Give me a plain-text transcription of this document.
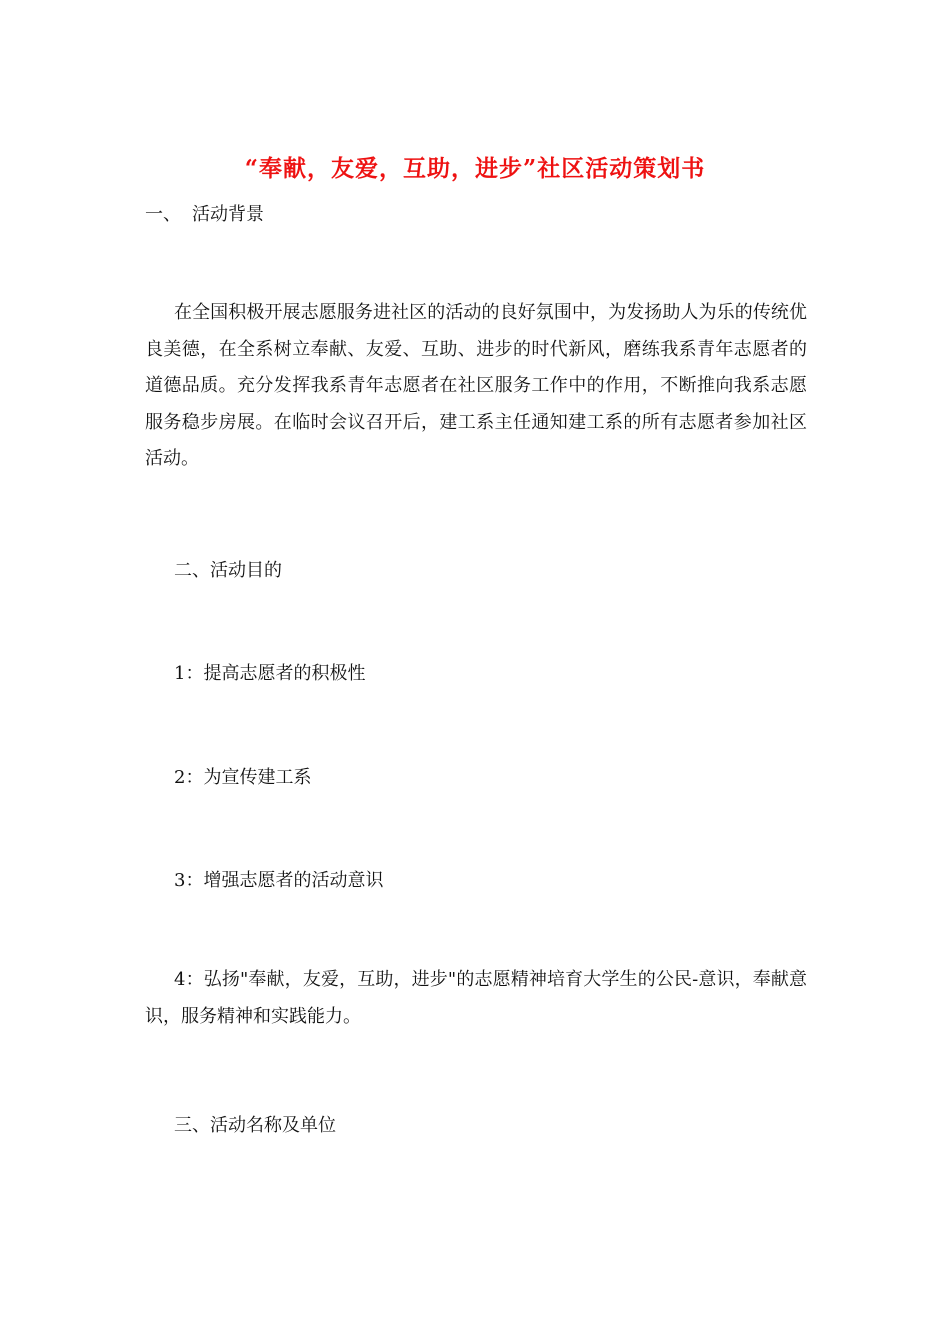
“奉献，友爱，互助，进步”社区活动策划书
一、 活动背景
在全国积极开展志愿服务进社区的活动的良好氛围中，为发扬助人为乐的传统优良美德，在全系树立奉献、友爱、互助、进步的时代新风，磨练我系青年志愿者的道德品质。充分发挥我系青年志愿者在社区服务工作中的作用，不断推向我系志愿服务稳步房展。在临时会议召开后，建工系主任通知建工系的所有志愿者参加社区活动。
二、活动目的
1：提高志愿者的积极性
2：为宣传建工系
3：增强志愿者的活动意识
4：弘扬"奉献，友爱，互助，进步"的志愿精神培育大学生的公民-意识，奉献意识，服务精神和实践能力。
三、活动名称及单位
